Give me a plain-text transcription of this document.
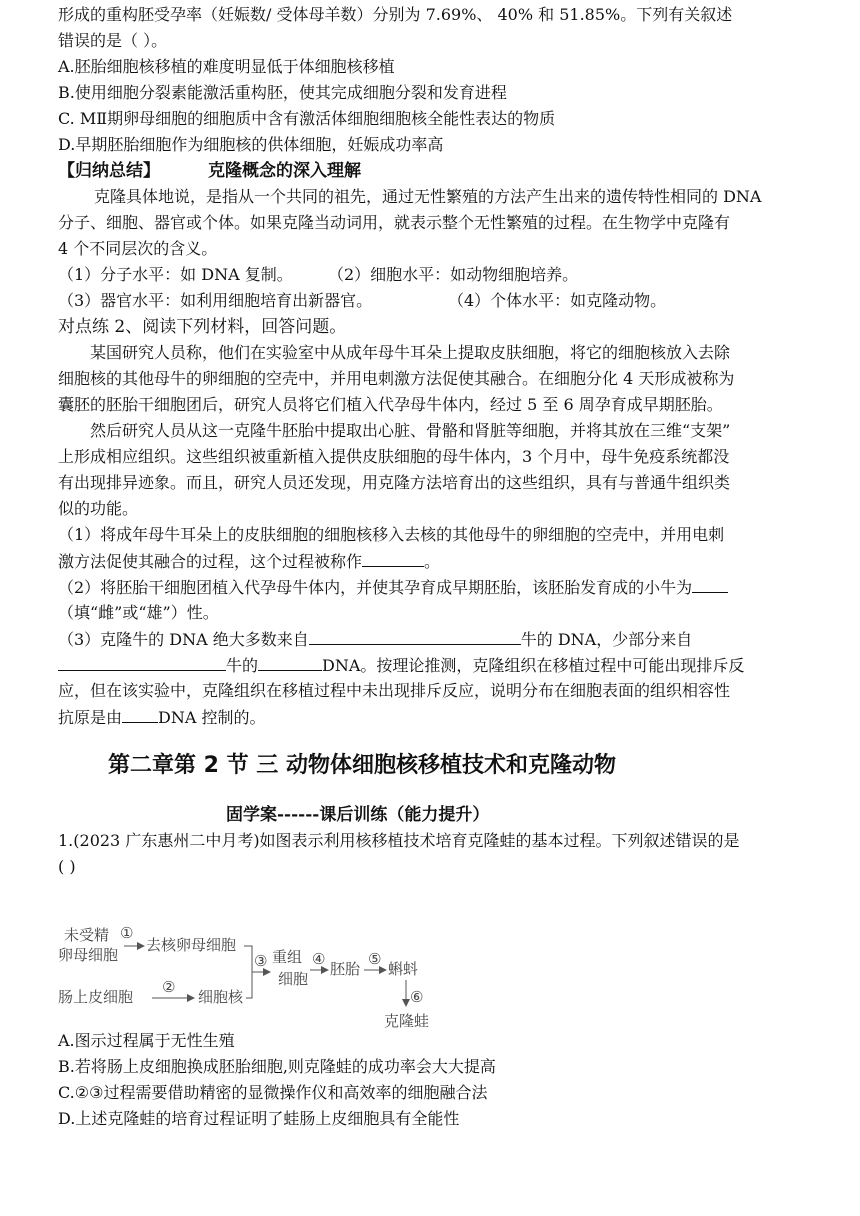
形成的重构胚受孕率（妊娠数/ 受体母羊数）分别为 7.69%、 40% 和 51.85%。下列有关叙述
错误的是（ ）。
A.胚胎细胞核移植的难度明显低于体细胞核移植
B.使用细胞分裂素能激活重构胚，使其完成细胞分裂和发育进程
C. MⅡ期卵母细胞的细胞质中含有激活体细胞细胞核全能性表达的物质
D.早期胚胎细胞作为细胞核的供体细胞，妊娠成功率高
【归纳总结】	克隆概念的深入理解
克隆具体地说，是指从一个共同的祖先，通过无性繁殖的方法产生出来的遗传特性相同的 DNA
分子、细胞、器官或个体。如果克隆当动词用，就表示整个无性繁殖的过程。在生物学中克隆有
4 个不同层次的含义。
（1）分子水平：如 DNA 复制。 （2）细胞水平：如动物细胞培养。
（3）器官水平：如利用细胞培育出新器官。	（4）个体水平：如克隆动物。
对点练 2、阅读下列材料，回答问题。
某国研究人员称，他们在实验室中从成年母牛耳朵上提取皮肤细胞，将它的细胞核放入去除
细胞核的其他母牛的卵细胞的空壳中，并用电刺激方法促使其融合。在细胞分化 4 天形成被称为
囊胚的胚胎干细胞团后，研究人员将它们植入代孕母牛体内，经过 5 至 6 周孕育成早期胚胎。
然后研究人员从这一克隆牛胚胎中提取出心脏、骨骼和肾脏等细胞，并将其放在三维“支架”
上形成相应组织。这些组织被重新植入提供皮肤细胞的母牛体内，3 个月中，母牛免疫系统都没
有出现排异迹象。而且，研究人员还发现，用克隆方法培育出的这些组织，具有与普通牛组织类
似的功能。
（1）将成年母牛耳朵上的皮肤细胞的细胞核移入去核的其他母牛的卵细胞的空壳中，并用电刺
激方法促使其融合的过程，这个过程被称作	。
（2）将胚胎干细胞团植入代孕母牛体内，并使其孕育成早期胚胎，该胚胎发育成的小牛为
（填“雌”或“雄”）性。
（3）克隆牛的 DNA 绝大多数来自	牛的 DNA，少部分来自
牛的	DNA。按理论推测，克隆组织在移植过程中可能出现排斥反
应，但在该实验中，克隆组织在移植过程中未出现排斥反应，说明分布在细胞表面的组织相容性
抗原是由 DNA 控制的。
第二章第 2 节 三 动物体细胞核移植技术和克隆动物
固学案------课后训练（能力提升）
1.(2023 广东惠州二中月考)如图表示利用核移植技术培育克隆蛙的基本过程。下列叙述错误的是
( )
未受精
卵母细胞
①
去核卵母细胞
肠上皮细胞
②
细胞核
③ 重组
细胞
④
胚胎
⑤
蝌蚪
⑥
克隆蛙
A.图示过程属于无性生殖
B.若将肠上皮细胞换成胚胎细胞,则克隆蛙的成功率会大大提高
C.②③过程需要借助精密的显微操作仪和高效率的细胞融合法
D.上述克隆蛙的培育过程证明了蛙肠上皮细胞具有全能性
